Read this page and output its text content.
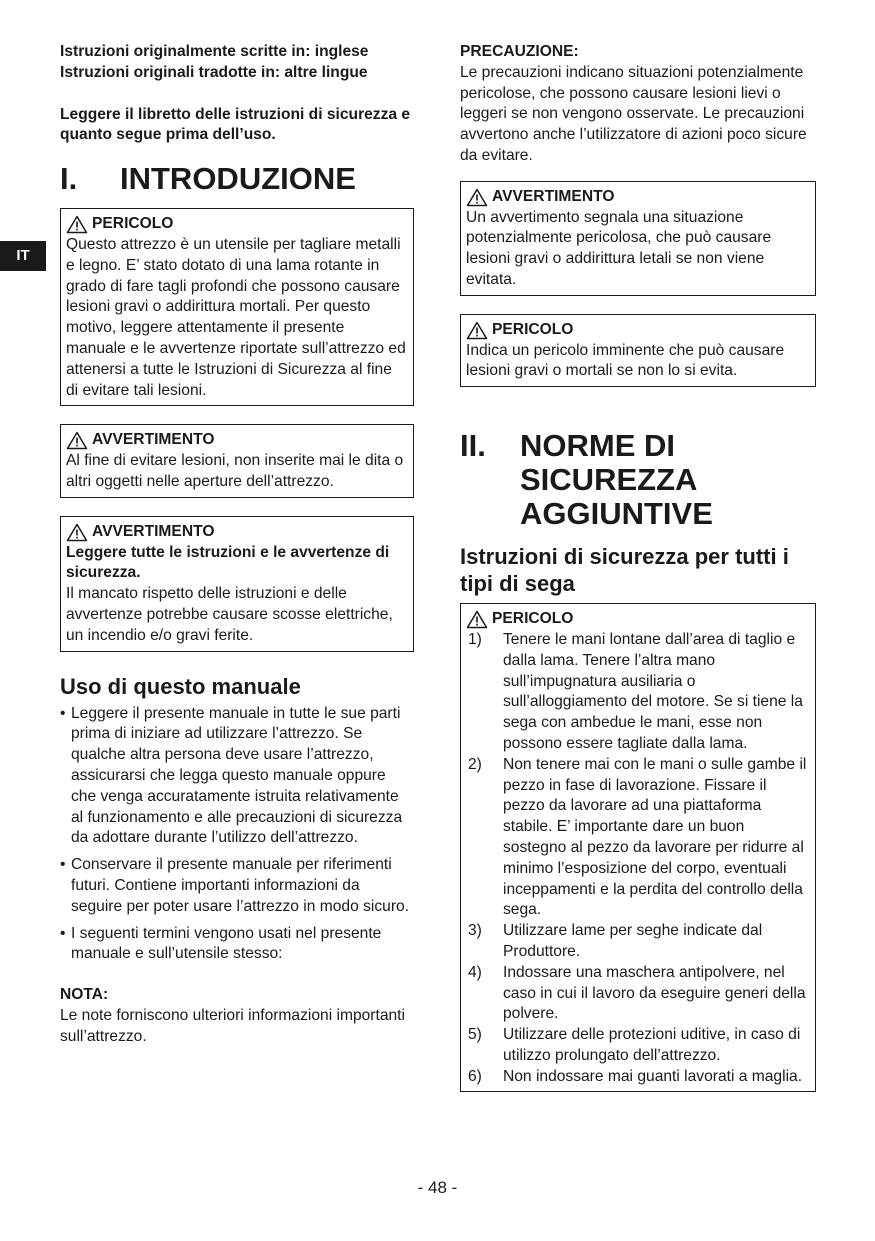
IT

Istruzioni originalmente scritte in: inglese

Istruzioni originali tradotte in: altre lingue

Leggere il libretto delle istruzioni di sicurezza e quanto segue prima dell’uso.

I.	INTRODUZIONE
PERICOLO

Questo attrezzo è un utensile per tagliare metalli e legno. E’ stato dotato di una lama rotante in grado di fare tagli profondi che possono causare lesioni gravi o addirittura mortali. Per questo motivo, leggere attentamente il presente manuale e le avvertenze riportate sull’attrezzo ed attenersi a tutte le Istruzioni di Sicurezza al fine di evitare tali lesioni.

AVVERTIMENTO

Al fine di evitare lesioni, non inserite mai le dita o altri oggetti nelle aperture dell’attrezzo.

AVVERTIMENTO

Leggere tutte le istruzioni e le avvertenze di sicurezza.

Il mancato rispetto delle istruzioni e delle avvertenze potrebbe causare scosse elettriche, un incendio e/o gravi ferite.

Uso di questo manuale
• Leggere il presente manuale in tutte le sue parti prima di iniziare ad utilizzare l’attrezzo. Se qualche altra persona deve usare l’attrezzo, assicurarsi che legga questo manuale oppure che venga accuratamente istruita relativamente al funzionamento e alle precauzioni di sicurezza da adottare durante l’utilizzo dell’attrezzo.
• Conservare il presente manuale per riferimenti futuri. Contiene importanti informazioni da seguire per poter usare l’attrezzo in modo sicuro.
• I seguenti termini vengono usati nel presente manuale e sull’utensile stesso:

NOTA:

Le note forniscono ulteriori informazioni importanti sull’attrezzo.

PRECAUZIONE:

Le precauzioni indicano situazioni potenzialmente pericolose, che possono causare lesioni lievi o leggeri se non vengono osservate. Le precauzioni avvertono anche l’utilizzatore di azioni poco sicure da evitare.

AVVERTIMENTO

Un avvertimento segnala una situazione potenzialmente pericolosa, che può causare lesioni gravi o addirittura letali se non viene evitata.

PERICOLO

Indica un pericolo imminente che può causare lesioni gravi o mortali se non lo si evita.

II.	NORME DI SICUREZZA AGGIUNTIVE
Istruzioni di sicurezza per tutti i tipi di sega
PERICOLO
1)	Tenere le mani lontane dall’area di taglio e dalla lama. Tenere l’altra mano sull’impugnatura ausiliaria o sull’alloggiamento del motore. Se si tiene la sega con ambedue le mani, esse non possono essere tagliate dalla lama.
2)	Non tenere mai con le mani o sulle gambe il pezzo in fase di lavorazione. Fissare il pezzo da lavorare ad una piattaforma stabile. E’ importante dare un buon sostegno al pezzo da lavorare per ridurre al minimo l’esposizione del corpo, eventuali inceppamenti e la perdita del controllo della sega.
3)	Utilizzare lame per seghe indicate dal Produttore.
4)	Indossare una maschera antipolvere, nel caso in cui il lavoro da eseguire generi della polvere.
5)	Utilizzare delle protezioni uditive, in caso di utilizzo prolungato dell’attrezzo.
6)	Non indossare mai guanti lavorati a maglia.
- 48 -
